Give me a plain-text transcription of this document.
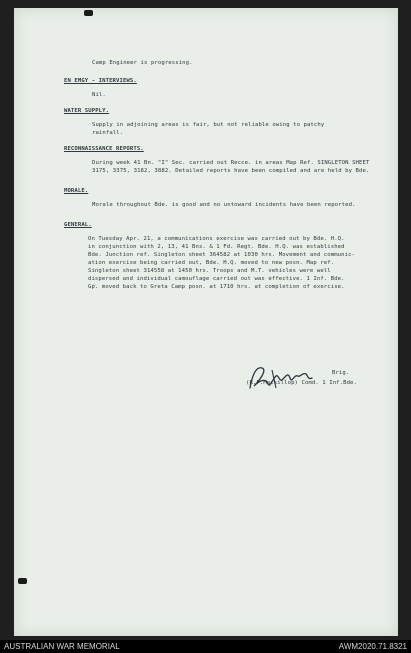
Camp Engineer is progressing.

EN EMGY - INTERVIEWS.

Nil.

WATER SUPPLY.

Supply in adjoining areas is fair, but not reliable owing to patchy rainfall.

RECONNAISSANCE REPORTS.

During week 41 Bn. "I" Sec. carried out Recce. in areas Map Ref. SINGLETON SHEET 3175, 3375, 3182, 3882. Detailed reports have been compiled and are held by Bde.

MORALE.

Morale throughout Bde. is good and no untoward incidents have been reported.

GENERAL.

On Tuesday Apr. 21, a communications exercise was carried out by Bde. H.Q.

in conjunction with 2, 13, 41 Bns. & 1 Fd. Regt. Bde. H.Q. was established

Bde. Junction ref. Singleton sheet 364582 at 1030 hrs. Movement and communic-

ation exercise being carried out, Bde. H.Q. moved to new posn. Map ref.

Singleton sheet 314558 at 1450 hrs. Troops and M.T. vehicles were well

dispersed and individual camouflage carried out was effective. 1 Inf. Bde.

Gp. moved back to Greta Camp posn. at 1710 hrs. at completion of exercise.

Brig.

(R.F.Mackillop) Comd. 1 Inf.Bde.

AUSTRALIAN WAR MEMORIAL	AWM2020.71.8321
